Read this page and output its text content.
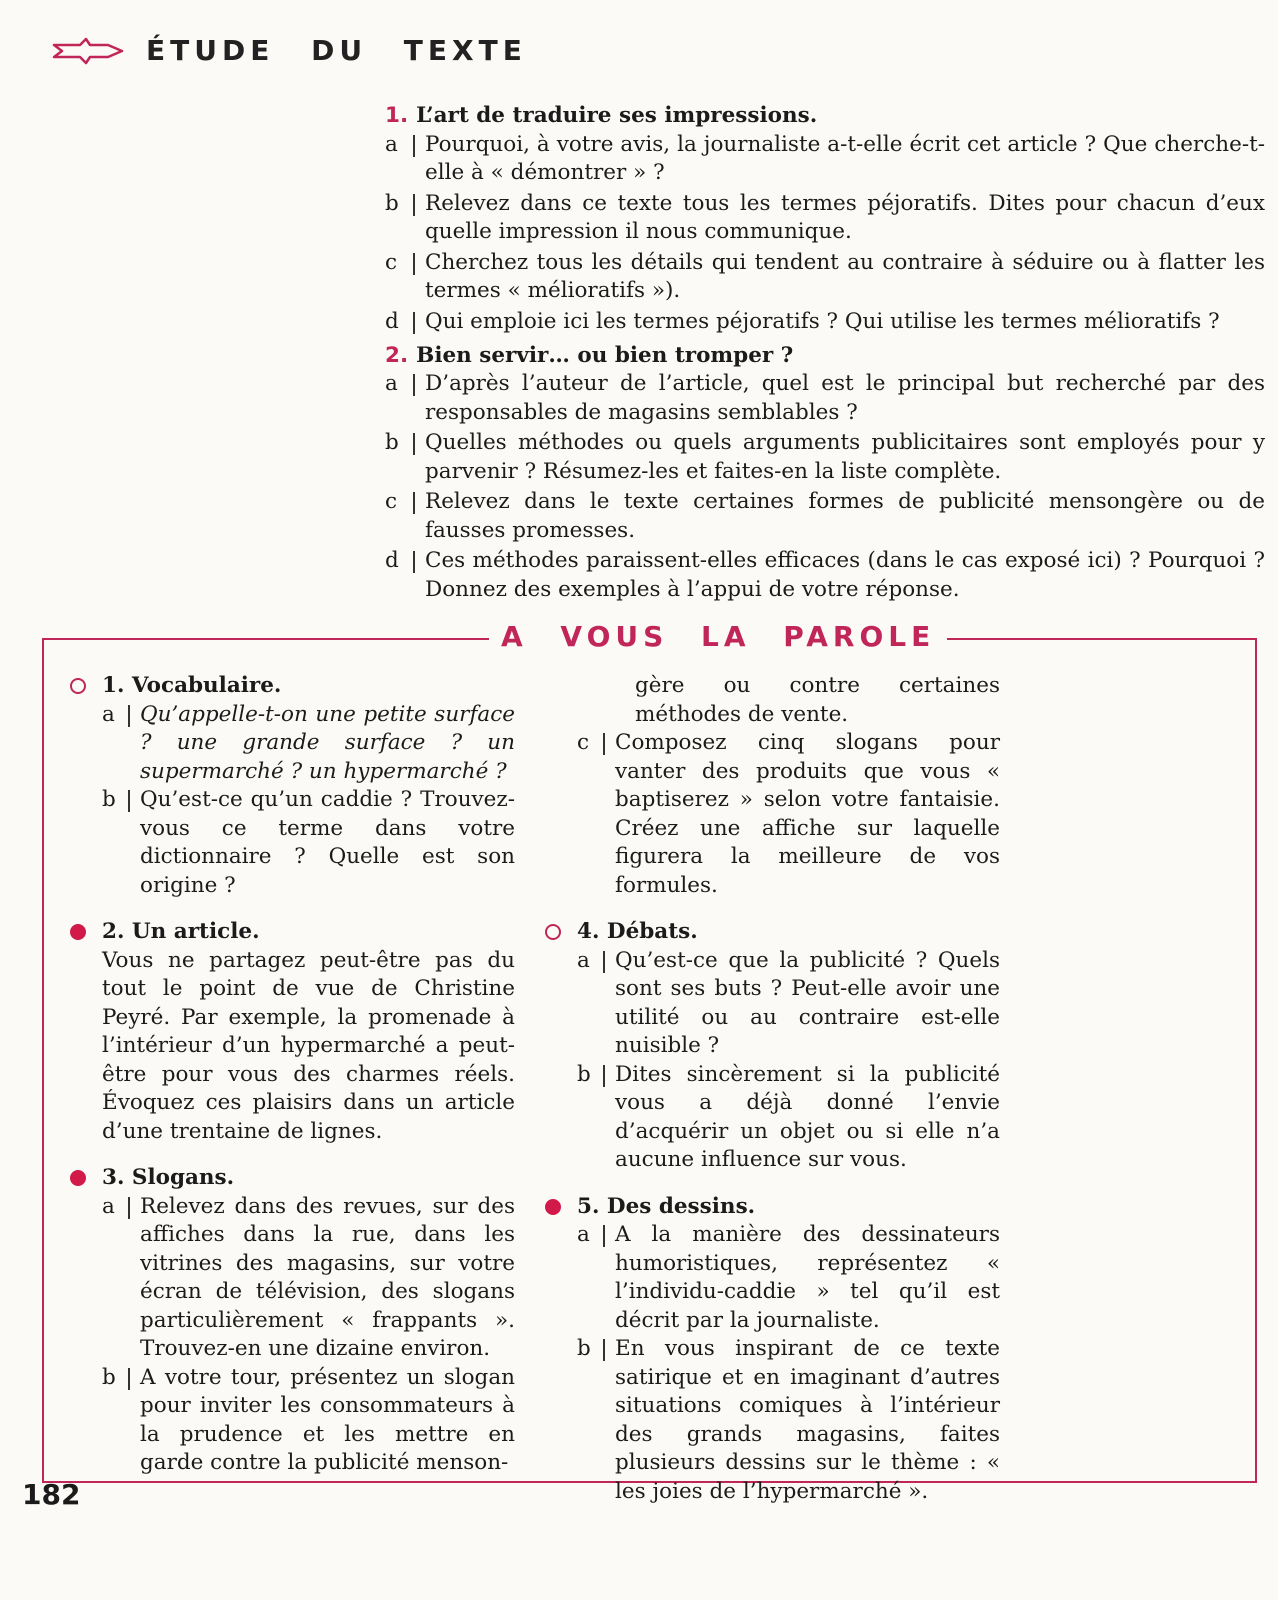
ÉTUDE DU TEXTE
1. L’art de traduire ses impressions.
a	Pourquoi, à votre avis, la journaliste a-t-elle écrit cet article ? Que cherche-t-elle à « démontrer » ?
b	Relevez dans ce texte tous les termes péjoratifs. Dites pour chacun d’eux quelle impression il nous communique.
c	Cherchez tous les détails qui tendent au contraire à séduire ou à flatter les termes « mélioratifs »).
d	Qui emploie ici les termes péjoratifs ? Qui utilise les termes mélioratifs ?
2. Bien servir… ou bien tromper ?
a	D’après l’auteur de l’article, quel est le principal but recherché par des responsables de magasins semblables ?
b	Quelles méthodes ou quels arguments publicitaires sont employés pour y parvenir ? Résumez-les et faites-en la liste complète.
c	Relevez dans le texte certaines formes de publicité mensongère ou de fausses promesses.
d	Ces méthodes paraissent-elles efficaces (dans le cas exposé ici) ? Pourquoi ? Donnez des exemples à l’appui de votre réponse.
A VOUS LA PAROLE
1. Vocabulaire.
a	Qu’appelle-t-on une petite surface ? une grande surface ? un supermarché ? un hypermarché ?
b	Qu’est-ce qu’un caddie ? Trouvez-vous ce terme dans votre dictionnaire ? Quelle est son origine ?
2. Un article.
Vous ne partagez peut-être pas du tout le point de vue de Christine Peyré. Par exemple, la promenade à l’intérieur d’un hypermarché a peut-être pour vous des charmes réels. Évoquez ces plaisirs dans un article d’une trentaine de lignes.
3. Slogans.
a	Relevez dans des revues, sur des affiches dans la rue, dans les vitrines des magasins, sur votre écran de télévision, des slogans particulièrement « frappants ». Trouvez-en une dizaine environ.
b	A votre tour, présentez un slogan pour inviter les consommateurs à la prudence et les mettre en garde contre la publicité menson-
gère ou contre certaines méthodes de vente.
c	Composez cinq slogans pour vanter des produits que vous « baptiserez » selon votre fantaisie. Créez une affiche sur laquelle figurera la meilleure de vos formules.
4. Débats.
a	Qu’est-ce que la publicité ? Quels sont ses buts ? Peut-elle avoir une utilité ou au contraire est-elle nuisible ?
b	Dites sincèrement si la publicité vous a déjà donné l’envie d’acquérir un objet ou si elle n’a aucune influence sur vous.
5. Des dessins.
a	A la manière des dessinateurs humoristiques, représentez « l’individu-caddie » tel qu’il est décrit par la journaliste.
b	En vous inspirant de ce texte satirique et en imaginant d’autres situations comiques à l’intérieur des grands magasins, faites plusieurs dessins sur le thème : « les joies de l’hypermarché ».
182
